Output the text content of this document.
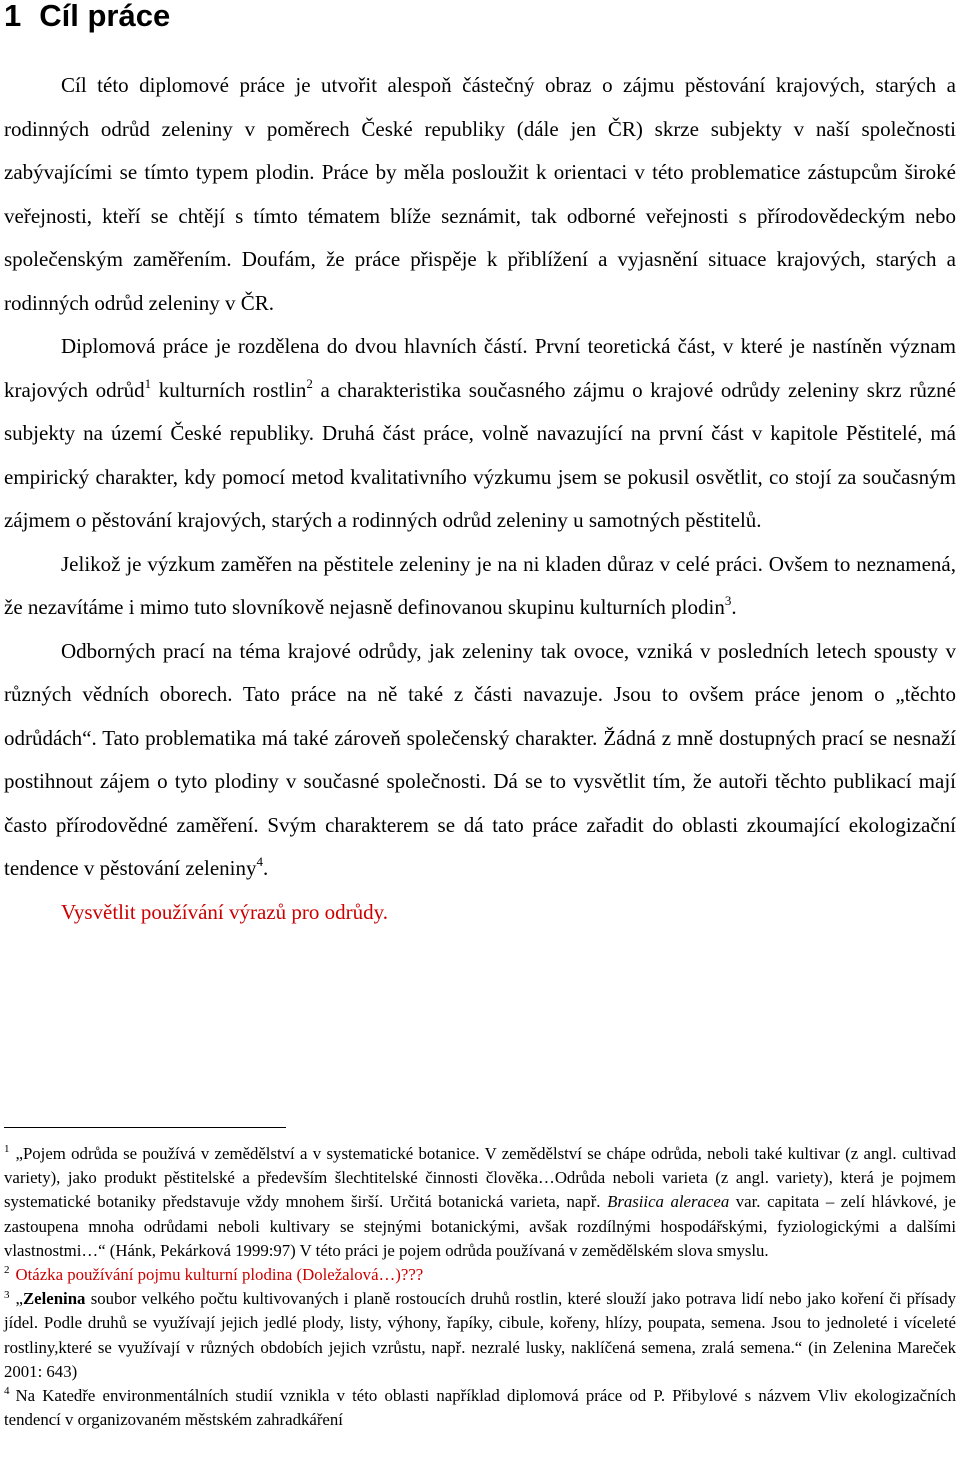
1 Cíl práce

Cíl této diplomové práce je utvořit alespoň částečný obraz o zájmu pěstování krajových, starých a rodinných odrůd zeleniny v poměrech České republiky (dále jen ČR) skrze subjekty v naší společnosti zabývajícími se tímto typem plodin. Práce by měla posloužit k orientaci v této problematice zástupcům široké veřejnosti, kteří se chtějí s tímto tématem blíže seznámit, tak odborné veřejnosti s přírodovědeckým nebo společenským zaměřením. Doufám, že práce přispěje k přiblížení a vyjasnění situace krajových, starých a rodinných odrůd zeleniny v ČR.

Diplomová práce je rozdělena do dvou hlavních částí. První teoretická část, v které je nastíněn význam krajových odrůd$^1$ kulturních rostlin$^2$ a charakteristika současného zájmu o krajové odrůdy zeleniny skrz různé subjekty na území České republiky. Druhá část práce, volně navazující na první část v kapitole Pěstitelé, má empirický charakter, kdy pomocí metod kvalitativního výzkumu jsem se pokusil osvětlit, co stojí za současným zájmem o pěstování krajových, starých a rodinných odrůd zeleniny u samotných pěstitelů.

Jelikož je výzkum zaměřen na pěstitele zeleniny je na ni kladen důraz v celé práci. Ovšem to neznamená, že nezavítáme i mimo tuto slovníkově nejasně definovanou skupinu kulturních plodin$^3$.

Odborných prací na téma krajové odrůdy, jak zeleniny tak ovoce, vzniká v posledních letech spousty v různých vědních oborech. Tato práce na ně také z části navazuje. Jsou to ovšem práce jenom o „těchto odrůdách“. Tato problematika má také zároveň společenský charakter. Žádná z mně dostupných prací se nesnaží postihnout zájem o tyto plodiny v současné společnosti. Dá se to vysvětlit tím, že autoři těchto publikací mají často přírodovědné zaměření. Svým charakterem se dá tato práce zařadit do oblasti zkoumající ekologizační tendence v pěstování zeleniny$^4$.

Vysvětlit používání výrazů pro odrůdy.

$^1$ „Pojem odrůda se používá v zemědělství a v systematické botanice. V zemědělství se chápe odrůda, neboli také kultivar (z angl. cultivad variety), jako produkt pěstitelské a především šlechtitelské činnosti člověka…Odrůda neboli varieta (z angl. variety), která je pojmem systematické botaniky představuje vždy mnohem širší. Určitá botanická varieta, např. Brasiica aleracea var. capitata – zelí hlávkové, je zastoupena mnoha odrůdami neboli kultivary se stejnými botanickými, avšak rozdílnými hospodářskými, fyziologickými a dalšími vlastnostmi…“ (Hánk, Pekárková 1999:97) V této práci je pojem odrůda používaná v zemědělském slova smyslu.

$^2$ Otázka používání pojmu kulturní plodina (Doležalová…)???

$^3$ „Zelenina soubor velkého počtu kultivovaných i planě rostoucích druhů rostlin, které slouží jako potrava lidí nebo jako koření či přísady jídel. Podle druhů se využívají jejich jedlé plody, listy, výhony, řapíky, cibule, kořeny, hlízy, poupata, semena. Jsou to jednoleté i víceleté rostliny,které se využívají v různých obdobích jejich vzrůstu, např. nezralé lusky, naklíčená semena, zralá semena.“ (in Zelenina Mareček 2001: 643)

$^4$ Na Katedře environmentálních studií vznikla v této oblasti například diplomová práce od P. Přibylové s názvem Vliv ekologizačních tendencí v organizovaném městském zahradkáření
